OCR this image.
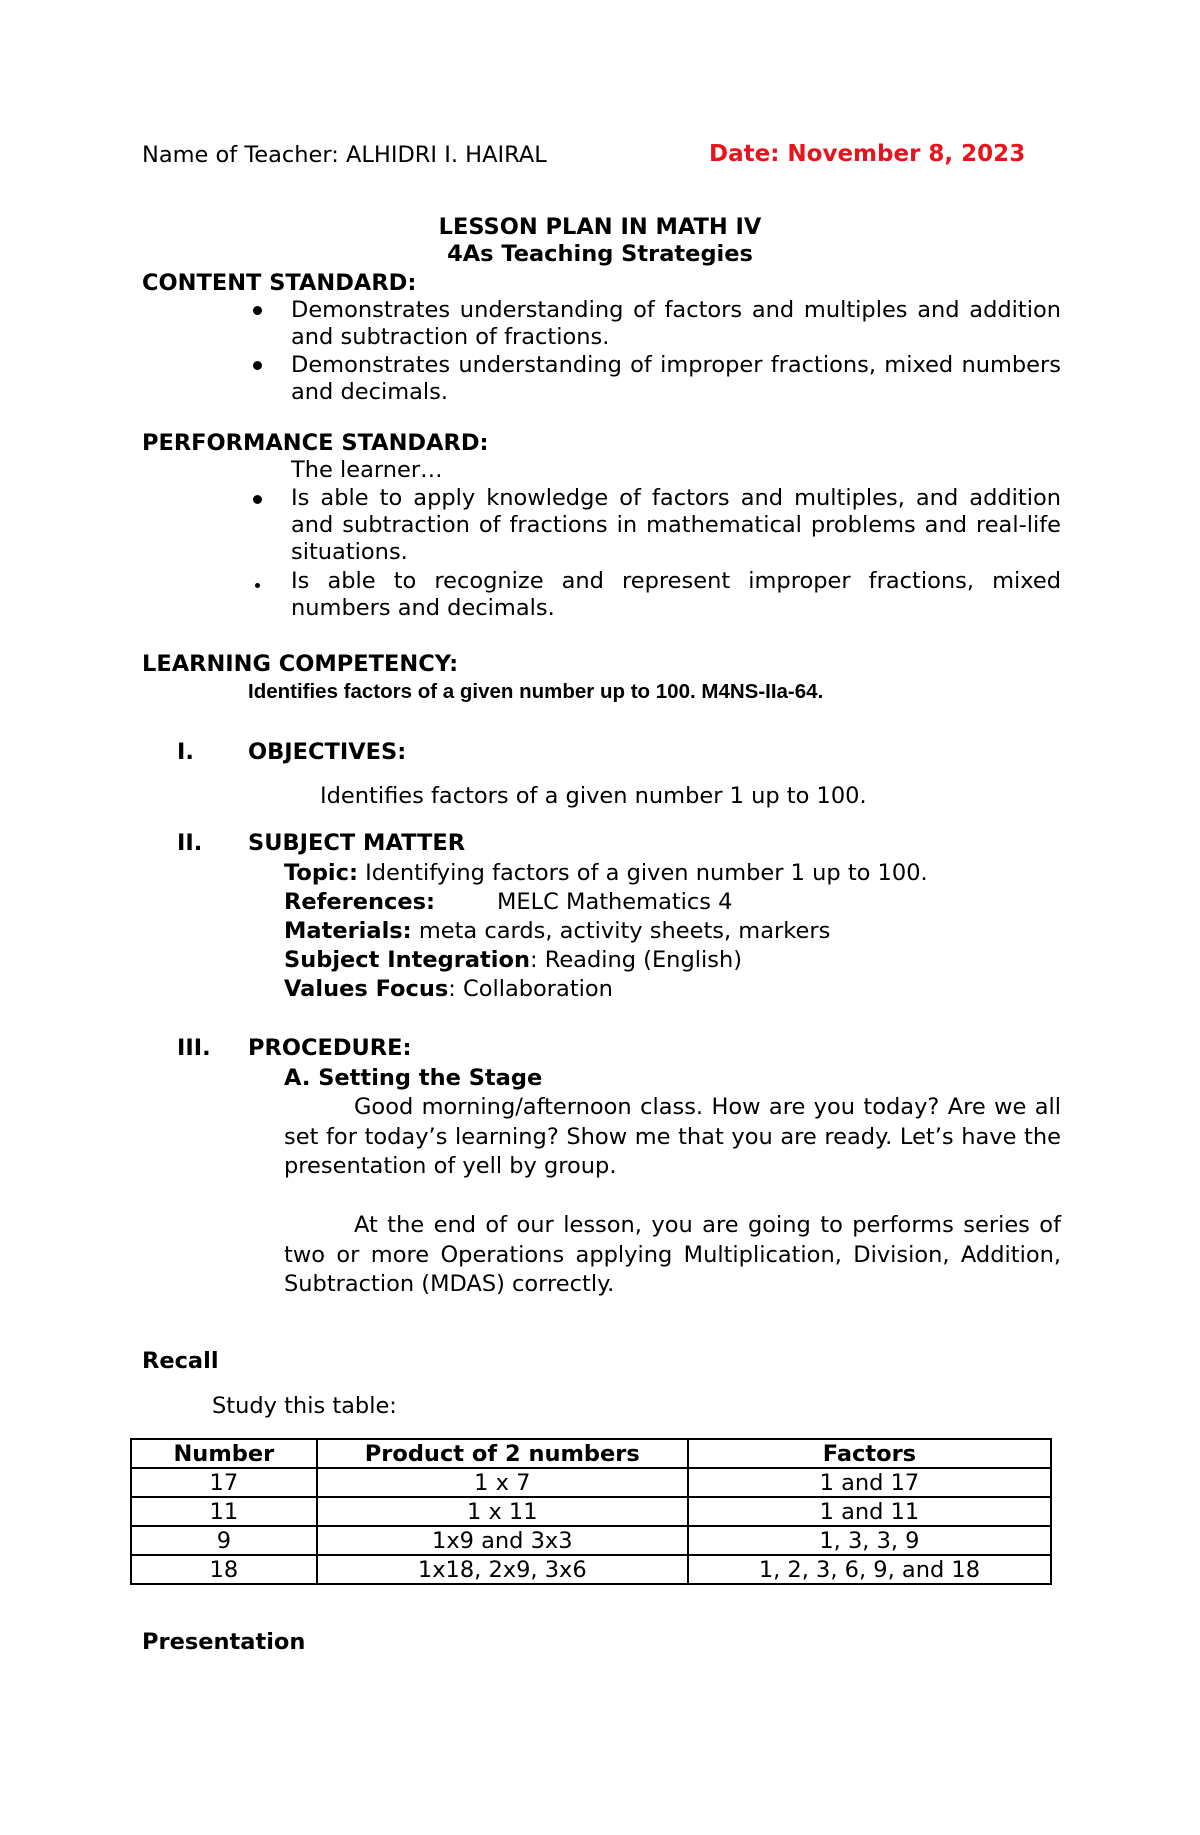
Name of Teacher: ALHIDRI I. HAIRAL	Date: November 8, 2023
LESSON PLAN IN MATH IV
4As Teaching Strategies
CONTENT STANDARD:
Demonstrates understanding of factors and multiples and addition and subtraction of fractions.
Demonstrates understanding of improper fractions, mixed numbers and decimals.
PERFORMANCE STANDARD:
The learner…
Is able to apply knowledge of factors and multiples, and addition and subtraction of fractions in mathematical problems and real-life situations.
Is able to recognize and represent improper fractions, mixed numbers and decimals.
LEARNING COMPETENCY:
Identifies factors of a given number up to 100. M4NS-IIa-64.
I. OBJECTIVES:
Identifies factors of a given number 1 up to 100.
II. SUBJECT MATTER
Topic: Identifying factors of a given number 1 up to 100.
References:	MELC Mathematics 4
Materials: meta cards, activity sheets, markers
Subject Integration: Reading (English)
Values Focus: Collaboration
III. PROCEDURE:
A. Setting the Stage
Good morning/afternoon class. How are you today? Are we all set for today’s learning? Show me that you are ready. Let’s have the presentation of yell by group.
At the end of our lesson, you are going to performs series of two or more Operations applying Multiplication, Division, Addition, Subtraction (MDAS) correctly.
Recall
Study this table:
Number	Product of 2 numbers	Factors
17	1 x 7	1 and 17
11	1 x 11	1 and 11
9	1x9 and 3x3	1, 3, 3, 9
18	1x18, 2x9, 3x6	1, 2, 3, 6, 9, and 18
Presentation
